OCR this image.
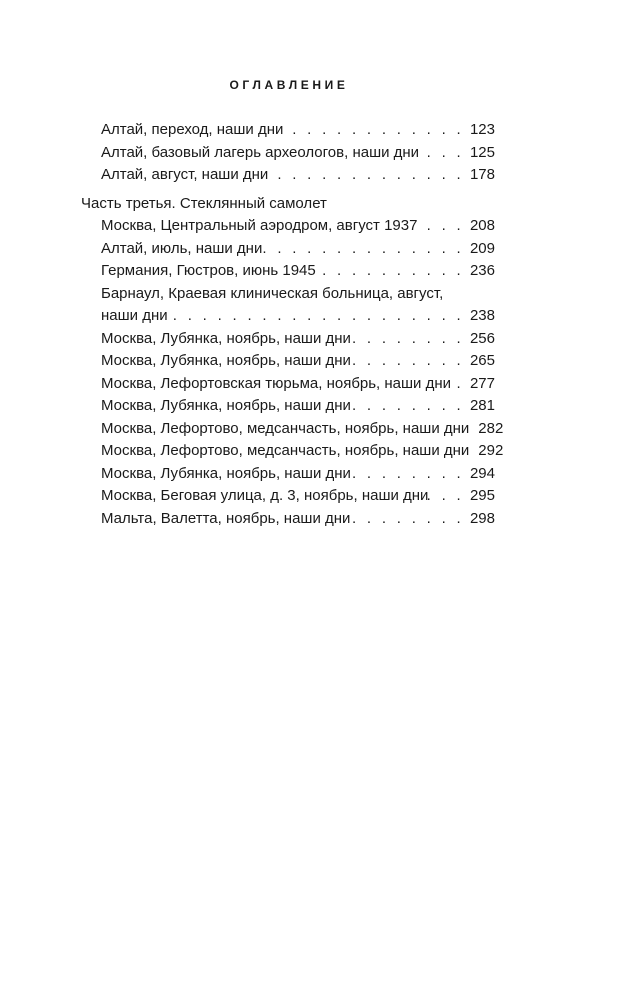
ОГЛАВЛЕНИЕ
Алтай, переход, наши дни . . .	123
Алтай, базовый лагерь археологов, наши дни . . .	125
Алтай, август, наши дни . . .	178
Часть третья. Стеклянный самолет
Москва, Центральный аэродром, август 1937 . . .	208
Алтай, июль, наши дни . . .	209
Германия, Гюстров, июнь 1945 . . .	236
Барнаул, Краевая клиническая больница, август,
наши дни . . .	238
Москва, Лубянка, ноябрь, наши дни . . .	256
Москва, Лубянка, ноябрь, наши дни . . .	265
Москва, Лефортовская тюрьма, ноябрь, наши дни . . . 277
Москва, Лубянка, ноябрь, наши дни . . .	281
Москва, Лефортово, медсанчасть, ноябрь, наши дни . . . 282
Москва, Лефортово, медсанчасть, ноябрь, наши дни . . . 292
Москва, Лубянка, ноябрь, наши дни . . .	294
Москва, Беговая улица, д. 3, ноябрь, наши дни . . .	295
Мальта, Валетта, ноябрь, наши дни . . .	298
